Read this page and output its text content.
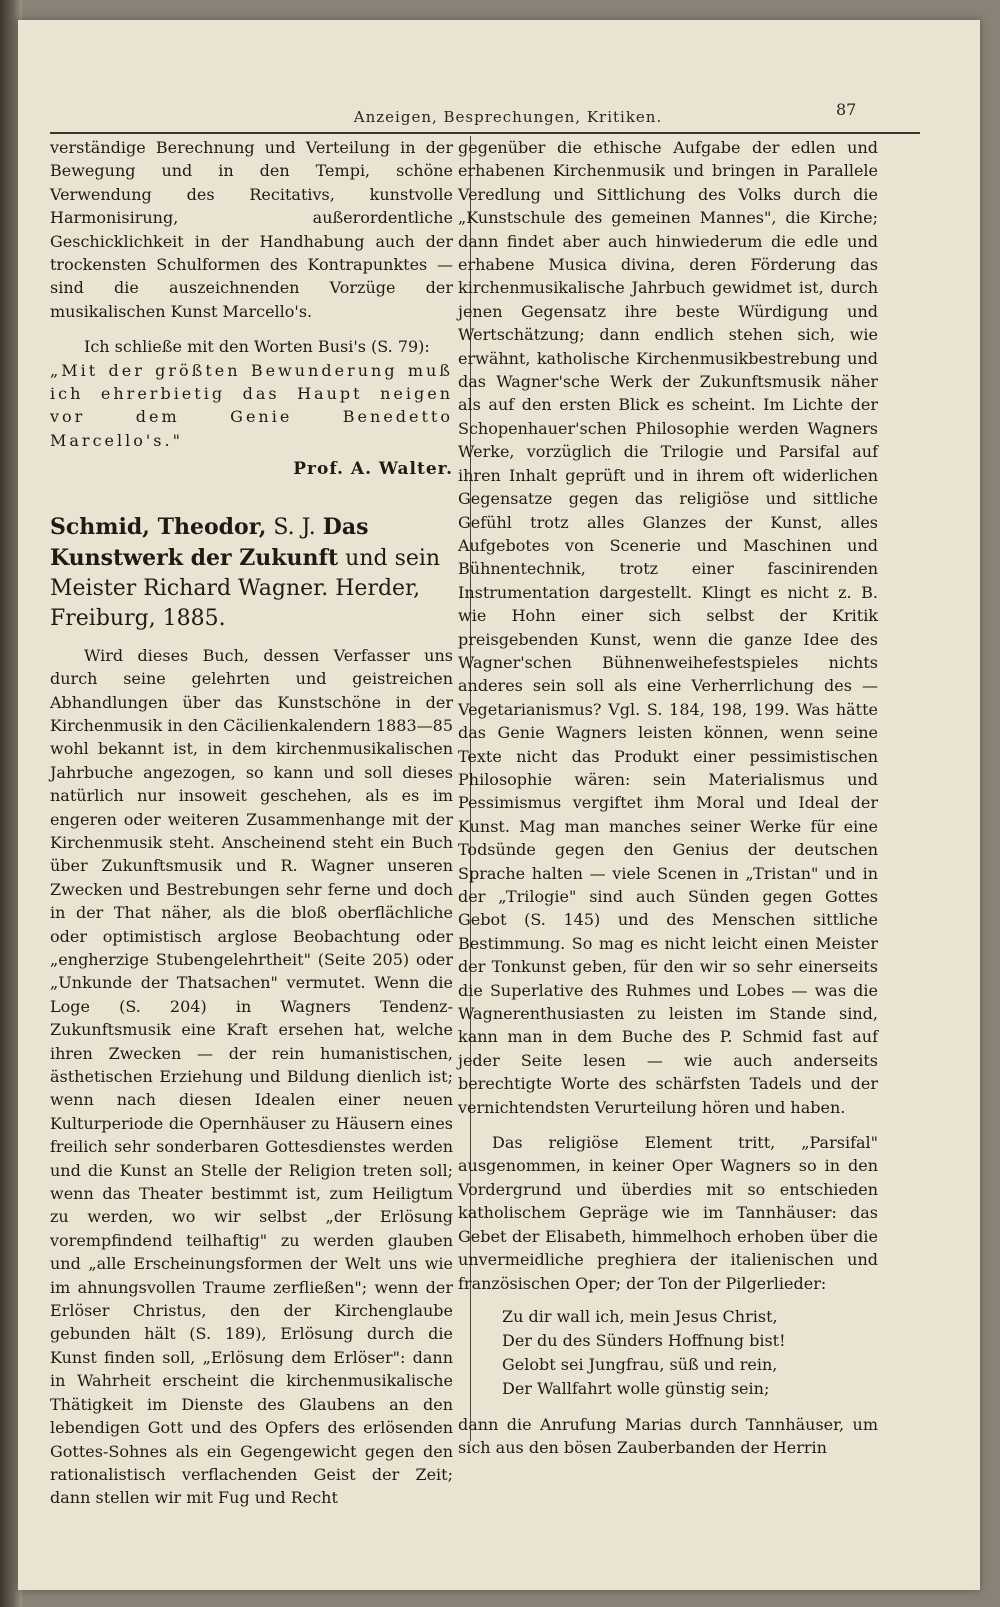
Anzeigen, Besprechungen, Kritiken.	87

verständige Berechnung und Verteilung in der Bewegung und in den Tempi, schöne Verwendung des Recitativs, kunstvolle Harmonisirung, außerordentliche Geschicklichkeit in der Handhabung auch der trockensten Schulformen des Kontrapunktes — sind die auszeichnenden Vorzüge der musikalischen Kunst Marcello's.

Ich schließe mit den Worten Busi's (S. 79):

„Mit der größten Bewunderung muß ich ehrerbietig das Haupt neigen vor dem Genie Benedetto Marcello's."

Prof. A. Walter.

Schmid, Theodor, S. J. Das Kunstwerk der Zukunft und sein Meister Richard Wagner. Herder, Freiburg, 1885.

Wird dieses Buch, dessen Verfasser uns durch seine gelehrten und geistreichen Abhandlungen über das Kunstschöne in der Kirchenmusik in den Cäcilienkalendern 1883—85 wohl bekannt ist, in dem kirchenmusikalischen Jahrbuche angezogen, so kann und soll dieses natürlich nur insoweit geschehen, als es im engeren oder weiteren Zusammenhange mit der Kirchenmusik steht. Anscheinend steht ein Buch über Zukunftsmusik und R. Wagner unseren Zwecken und Bestrebungen sehr ferne und doch in der That näher, als die bloß oberflächliche oder optimistisch arglose Beobachtung oder „engherzige Stubengelehrtheit" (Seite 205) oder „Unkunde der Thatsachen" vermutet. Wenn die Loge (S. 204) in Wagners Tendenz-Zukunftsmusik eine Kraft ersehen hat, welche ihren Zwecken — der rein humanistischen, ästhetischen Erziehung und Bildung dienlich ist; wenn nach diesen Idealen einer neuen Kulturperiode die Opernhäuser zu Häusern eines freilich sehr sonderbaren Gottesdienstes werden und die Kunst an Stelle der Religion treten soll; wenn das Theater bestimmt ist, zum Heiligtum zu werden, wo wir selbst „der Erlösung vorempfindend teilhaftig" zu werden glauben und „alle Erscheinungsformen der Welt uns wie im ahnungsvollen Traume zerfließen"; wenn der Erlöser Christus, den der Kirchenglaube gebunden hält (S. 189), Erlösung durch die Kunst finden soll, „Erlösung dem Erlöser": dann in Wahrheit erscheint die kirchenmusikalische Thätigkeit im Dienste des Glaubens an den lebendigen Gott und des Opfers des erlösenden Gottes-Sohnes als ein Gegengewicht gegen den rationalistisch verflachenden Geist der Zeit; dann stellen wir mit Fug und Recht

gegenüber die ethische Aufgabe der edlen und erhabenen Kirchenmusik und bringen in Parallele Veredlung und Sittlichung des Volks durch die „Kunstschule des gemeinen Mannes", die Kirche; dann findet aber auch hinwiederum die edle und erhabene Musica divina, deren Förderung das kirchenmusikalische Jahrbuch gewidmet ist, durch jenen Gegensatz ihre beste Würdigung und Wertschätzung; dann endlich stehen sich, wie erwähnt, katholische Kirchenmusikbestrebung und das Wagner'sche Werk der Zukunftsmusik näher als auf den ersten Blick es scheint. Im Lichte der Schopenhauer'schen Philosophie werden Wagners Werke, vorzüglich die Trilogie und Parsifal auf ihren Inhalt geprüft und in ihrem oft widerlichen Gegensatze gegen das religiöse und sittliche Gefühl trotz alles Glanzes der Kunst, alles Aufgebotes von Scenerie und Maschinen und Bühnentechnik, trotz einer fascinirenden Instrumentation dargestellt. Klingt es nicht z. B. wie Hohn einer sich selbst der Kritik preisgebenden Kunst, wenn die ganze Idee des Wagner'schen Bühnenweihefestspieles nichts anderes sein soll als eine Verherrlichung des — Vegetarianismus? Vgl. S. 184, 198, 199. Was hätte das Genie Wagners leisten können, wenn seine Texte nicht das Produkt einer pessimistischen Philosophie wären: sein Materialismus und Pessimismus vergiftet ihm Moral und Ideal der Kunst. Mag man manches seiner Werke für eine Todsünde gegen den Genius der deutschen Sprache halten — viele Scenen in „Tristan" und in der „Trilogie" sind auch Sünden gegen Gottes Gebot (S. 145) und des Menschen sittliche Bestimmung. So mag es nicht leicht einen Meister der Tonkunst geben, für den wir so sehr einerseits die Superlative des Ruhmes und Lobes — was die Wagnerenthusiasten zu leisten im Stande sind, kann man in dem Buche des P. Schmid fast auf jeder Seite lesen — wie auch anderseits berechtigte Worte des schärfsten Tadels und der vernichtendsten Verurteilung hören und haben.

Das religiöse Element tritt, „Parsifal" ausgenommen, in keiner Oper Wagners so in den Vordergrund und überdies mit so entschieden katholischem Gepräge wie im Tannhäuser: das Gebet der Elisabeth, himmelhoch erhoben über die unvermeidliche preghiera der italienischen und französischen Oper; der Ton der Pilgerlieder:

Zu dir wall ich, mein Jesus Christ,
Der du des Sünders Hoffnung bist!
Gelobt sei Jungfrau, süß und rein,
Der Wallfahrt wolle günstig sein;

dann die Anrufung Marias durch Tannhäuser, um sich aus den bösen Zauberbanden der Herrin
